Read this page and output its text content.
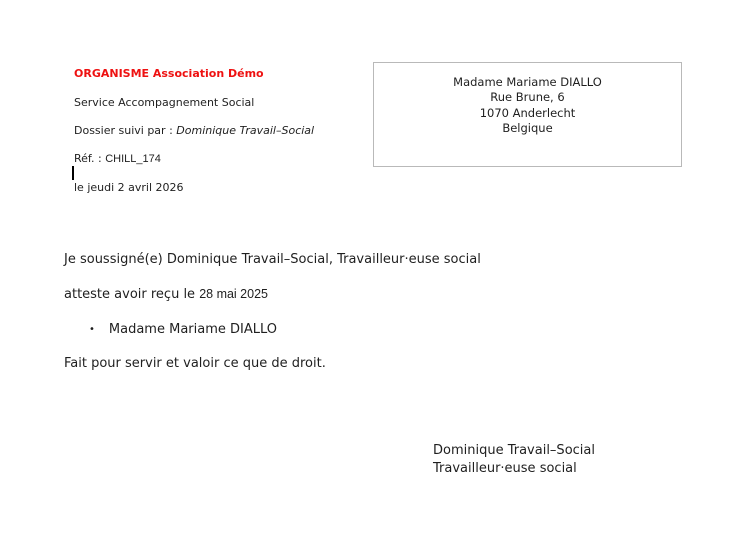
ORGANISME Association Démo
Service Accompagnement Social
Dossier suivi par : Dominique Travail–Social
Réf. : CHILL_174
le jeudi 2 avril 2026
Madame Mariame DIALLO
Rue Brune, 6
1070 Anderlecht
Belgique
Je soussigné(e) Dominique Travail–Social, Travailleur·euse social
atteste avoir reçu le 28 mai 2025
• Madame Mariame DIALLO
Fait pour servir et valoir ce que de droit.
Dominique Travail–Social
Travailleur·euse social
